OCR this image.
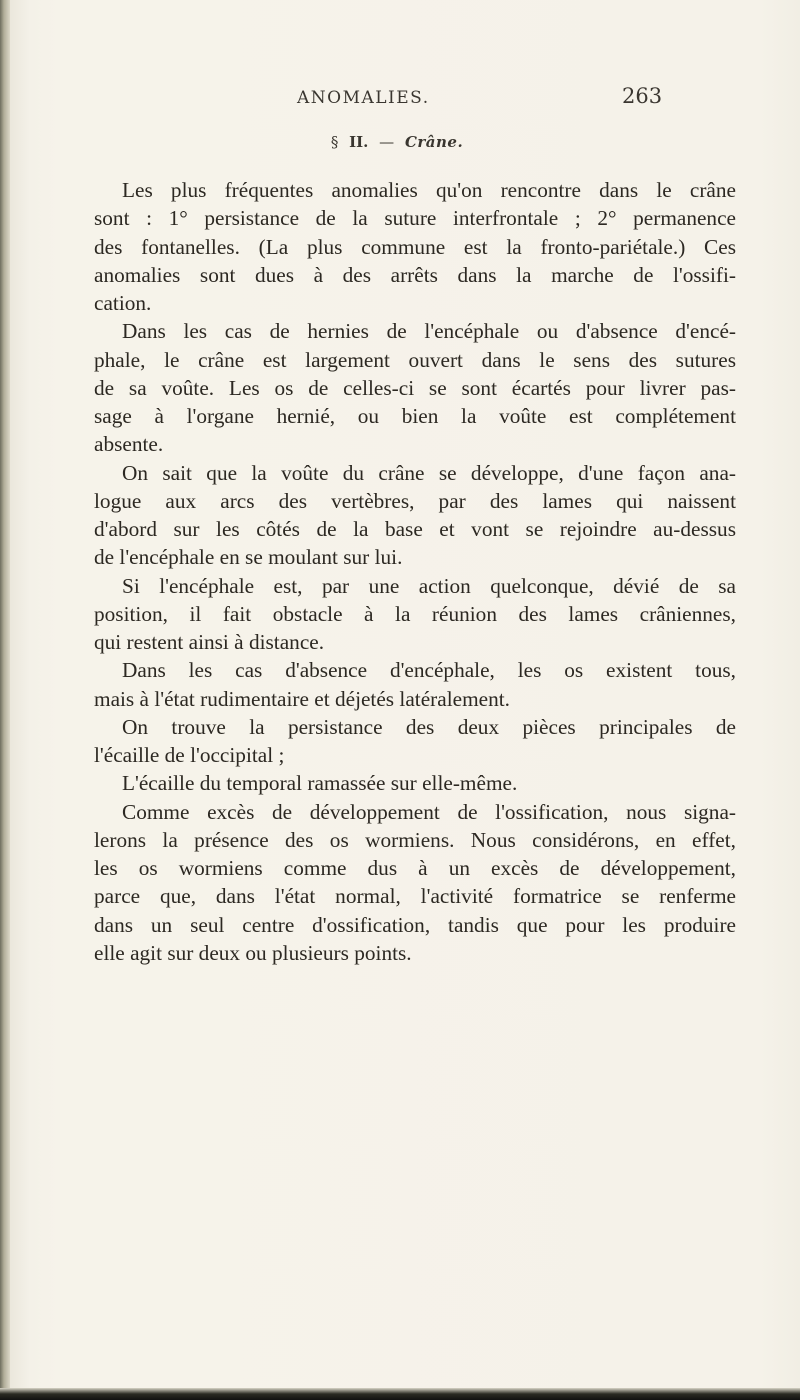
ANOMALIES.	263
§ II. — Crâne.
Les plus fréquentes anomalies qu'on rencontre dans le crâne
sont : 1° persistance de la suture interfrontale ; 2° permanence
des fontanelles. (La plus commune est la fronto-pariétale.) Ces
anomalies sont dues à des arrêts dans la marche de l'ossifi-
cation.
Dans les cas de hernies de l'encéphale ou d'absence d'encé-
phale, le crâne est largement ouvert dans le sens des sutures
de sa voûte. Les os de celles-ci se sont écartés pour livrer pas-
sage à l'organe hernié, ou bien la voûte est complétement
absente.
On sait que la voûte du crâne se développe, d'une façon ana-
logue aux arcs des vertèbres, par des lames qui naissent
d'abord sur les côtés de la base et vont se rejoindre au-dessus
de l'encéphale en se moulant sur lui.
Si l'encéphale est, par une action quelconque, dévié de sa
position, il fait obstacle à la réunion des lames crâniennes,
qui restent ainsi à distance.
Dans les cas d'absence d'encéphale, les os existent tous,
mais à l'état rudimentaire et déjetés latéralement.
On trouve la persistance des deux pièces principales de
l'écaille de l'occipital ;
L'écaille du temporal ramassée sur elle-même.
Comme excès de développement de l'ossification, nous signa-
lerons la présence des os wormiens. Nous considérons, en effet,
les os wormiens comme dus à un excès de développement,
parce que, dans l'état normal, l'activité formatrice se renferme
dans un seul centre d'ossification, tandis que pour les produire
elle agit sur deux ou plusieurs points.
